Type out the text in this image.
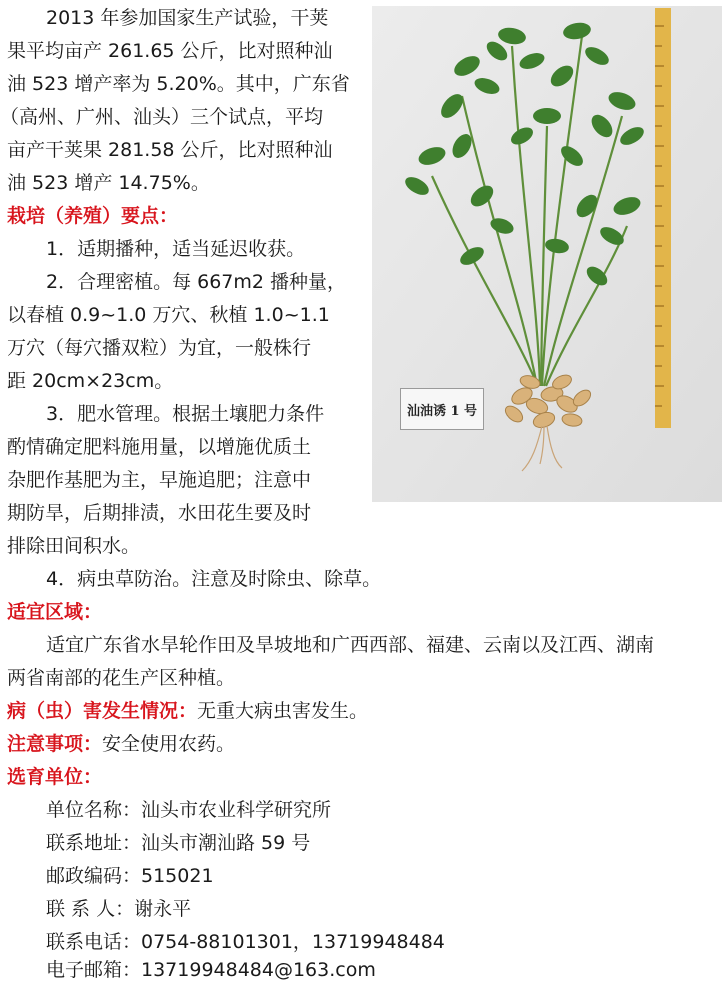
2013 年参加国家生产试验，干荚
果平均亩产 261.65 公斤，比对照种汕
油 523 增产率为 5.20%。其中，广东省
（高州、广州、汕头）三个试点，平均
亩产干荚果 281.58 公斤，比对照种汕
油 523 增产 14.75%。
栽培（养殖）要点：
1．适期播种，适当延迟收获。
2．合理密植。每 667m2 播种量，
以春植 0.9~1.0 万穴、秋植 1.0~1.1
万穴（每穴播双粒）为宜，一般株行
距 20cm×23cm。
3．肥水管理。根据土壤肥力条件
酌情确定肥料施用量，以增施优质土
杂肥作基肥为主，早施追肥；注意中
期防旱，后期排渍，水田花生要及时
排除田间积水。
4．病虫草防治。注意及时除虫、除草。
适宜区域：
适宜广东省水旱轮作田及旱坡地和广西西部、福建、云南以及江西、湖南
两省南部的花生产区种植。
病（虫）害发生情况：无重大病虫害发生。
注意事项：安全使用农药。
选育单位：
单位名称：汕头市农业科学研究所
联系地址：汕头市潮汕路 59 号
邮政编码：515021
联 系 人：谢永平
联系电话：0754-88101301，13719948484
电子邮箱：13719948484@163.com
汕油诱 1 号
